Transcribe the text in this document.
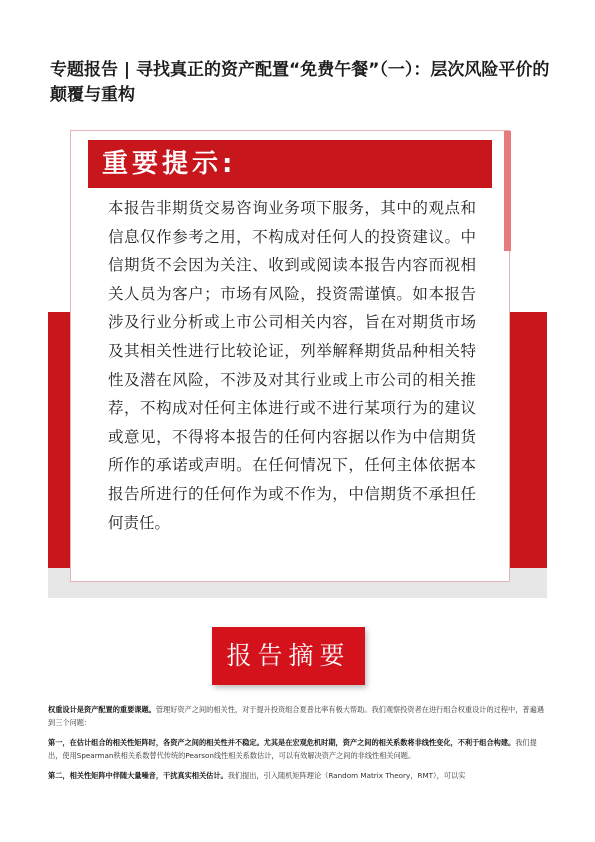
专题报告 | 寻找真正的资产配置“免费午餐”（一）：层次风险平价的颠覆与重构
重要提示:
本报告非期货交易咨询业务项下服务，其中的观点和信息仅作参考之用，不构成对任何人的投资建议。中信期货不会因为关注、收到或阅读本报告内容而视相关人员为客户；市场有风险，投资需谨慎。如本报告涉及行业分析或上市公司相关内容，旨在对期货市场及其相关性进行比较论证，列举解释期货品种相关特性及潜在风险，不涉及对其行业或上市公司的相关推荐，不构成对任何主体进行或不进行某项行为的建议或意见，不得将本报告的任何内容据以作为中信期货所作的承诺或声明。在任何情况下，任何主体依据本报告所进行的任何作为或不作为，中信期货不承担任何责任。
报告摘要

权重设计是资产配置的重要课题。管理好资产之间的相关性，对于提升投资组合夏普比率有极大帮助。我们观察投资者在进行组合权重设计的过程中，普遍遇到三个问题：

第一，在估计组合的相关性矩阵时，各资产之间的相关性并不稳定。尤其是在宏观危机时期，资产之间的相关系数将非线性变化，不利于组合构建。我们提出，使用Spearman秩相关系数替代传统的Pearson线性相关系数估计，可以有效解决资产之间的非线性相关问题。

第二，相关性矩阵中伴随大量噪音，干扰真实相关估计。我们提出，引入随机矩阵理论（Random Matrix Theory，RMT），可以实
